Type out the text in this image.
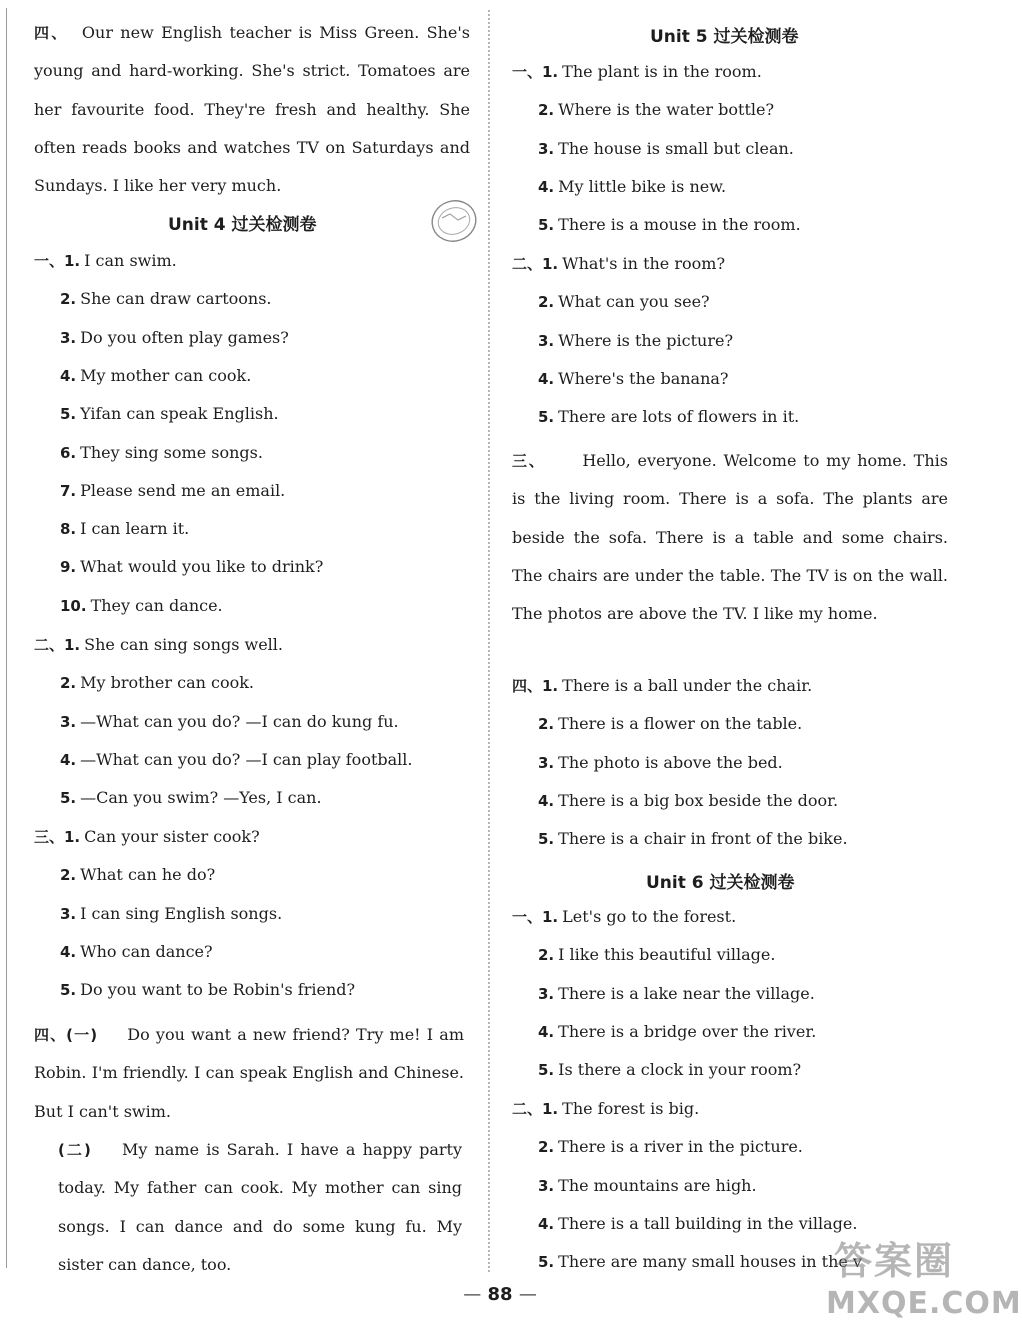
四、 Our new English teacher is Miss Green. She's young and hard-working. She's strict. Tomatoes are her favourite food. They're fresh and healthy. She often reads books and watches TV on Saturdays and Sundays. I like her very much.
Unit 4 过关检测卷
一、1. I can swim.
2. She can draw cartoons.
3. Do you often play games?
4. My mother can cook.
5. Yifan can speak English.
6. They sing some songs.
7. Please send me an email.
8. I can learn it.
9. What would you like to drink?
10. They can dance.
二、1. She can sing songs well.
2. My brother can cook.
3. —What can you do? —I can do kung fu.
4. —What can you do? —I can play football.
5. —Can you swim? —Yes, I can.
三、1. Can your sister cook?
2. What can he do?
3. I can sing English songs.
4. Who can dance?
5. Do you want to be Robin's friend?
四、(一) Do you want a new friend? Try me! I am Robin. I'm friendly. I can speak English and Chinese. But I can't swim.
(二) My name is Sarah. I have a happy party today. My father can cook. My mother can sing songs. I can dance and do some kung fu. My sister can dance, too.
Unit 5 过关检测卷
一、1. The plant is in the room.
2. Where is the water bottle?
3. The house is small but clean.
4. My little bike is new.
5. There is a mouse in the room.
二、1. What's in the room?
2. What can you see?
3. Where is the picture?
4. Where's the banana?
5. There are lots of flowers in it.
三、 Hello, everyone. Welcome to my home. This is the living room. There is a sofa. The plants are beside the sofa. There is a table and some chairs. The chairs are under the table. The TV is on the wall. The photos are above the TV. I like my home.
四、1. There is a ball under the chair.
2. There is a flower on the table.
3. The photo is above the bed.
4. There is a big box beside the door.
5. There is a chair in front of the bike.
Unit 6 过关检测卷
一、1. Let's go to the forest.
2. I like this beautiful village.
3. There is a lake near the village.
4. There is a bridge over the river.
5. Is there a clock in your room?
二、1. The forest is big.
2. There is a river in the picture.
3. The mountains are high.
4. There is a tall building in the village.
5. There are many small houses in the v
— 88 —
答案圈
MXQE.COM
